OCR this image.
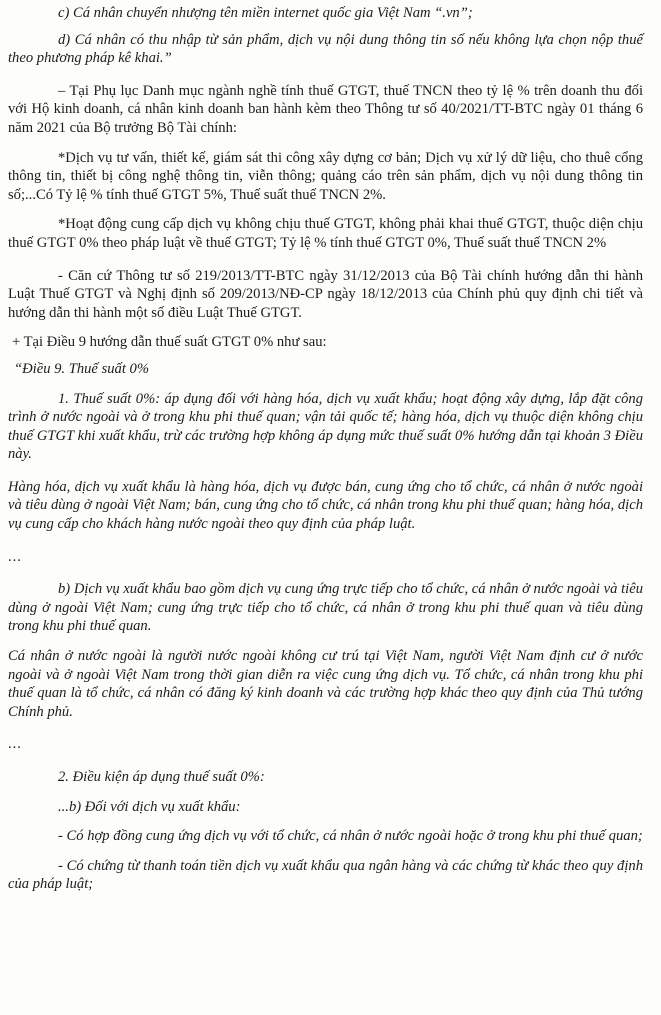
c) Cá nhân chuyển nhượng tên miền internet quốc gia Việt Nam “.vn”;

d) Cá nhân có thu nhập từ sản phẩm, dịch vụ nội dung thông tin số nếu không lựa chọn nộp thuế theo phương pháp kê khai.”

– Tại Phụ lục Danh mục ngành nghề tính thuế GTGT, thuế TNCN theo tỷ lệ % trên doanh thu đối với Hộ kinh doanh, cá nhân kinh doanh ban hành kèm theo Thông tư số 40/2021/TT-BTC ngày 01 tháng 6 năm 2021 của Bộ trưởng Bộ Tài chính:

*Dịch vụ tư vấn, thiết kế, giám sát thi công xây dựng cơ bản; Dịch vụ xử lý dữ liệu, cho thuê cổng thông tin, thiết bị công nghệ thông tin, viễn thông; quảng cáo trên sản phẩm, dịch vụ nội dung thông tin số;...Có Tỷ lệ % tính thuế GTGT 5%, Thuế suất thuế TNCN 2%.

*Hoạt động cung cấp dịch vụ không chịu thuế GTGT, không phải khai thuế GTGT, thuộc diện chịu thuế GTGT 0% theo pháp luật về thuế GTGT; Tỷ lệ % tính thuế GTGT 0%, Thuế suất thuế TNCN 2%

- Căn cứ Thông tư số 219/2013/TT-BTC ngày 31/12/2013 của Bộ Tài chính hướng dẫn thi hành Luật Thuế GTGT và Nghị định số 209/2013/NĐ-CP ngày 18/12/2013 của Chính phủ quy định chi tiết và hướng dẫn thi hành một số điều Luật Thuế GTGT.

+ Tại Điều 9 hướng dẫn thuế suất GTGT 0% như sau:

“Điều 9. Thuế suất 0%

1. Thuế suất 0%: áp dụng đối với hàng hóa, dịch vụ xuất khẩu; hoạt động xây dựng, lắp đặt công trình ở nước ngoài và ở trong khu phi thuế quan; vận tải quốc tế; hàng hóa, dịch vụ thuộc diện không chịu thuế GTGT khi xuất khẩu, trừ các trường hợp không áp dụng mức thuế suất 0% hướng dẫn tại khoản 3 Điều này.

Hàng hóa, dịch vụ xuất khẩu là hàng hóa, dịch vụ được bán, cung ứng cho tổ chức, cá nhân ở nước ngoài và tiêu dùng ở ngoài Việt Nam; bán, cung ứng cho tổ chức, cá nhân trong khu phi thuế quan; hàng hóa, dịch vụ cung cấp cho khách hàng nước ngoài theo quy định của pháp luật.

...

b) Dịch vụ xuất khẩu bao gồm dịch vụ cung ứng trực tiếp cho tổ chức, cá nhân ở nước ngoài và tiêu dùng ở ngoài Việt Nam; cung ứng trực tiếp cho tổ chức, cá nhân ở trong khu phi thuế quan và tiêu dùng trong khu phi thuế quan.

Cá nhân ở nước ngoài là người nước ngoài không cư trú tại Việt Nam, người Việt Nam định cư ở nước ngoài và ở ngoài Việt Nam trong thời gian diễn ra việc cung ứng dịch vụ. Tổ chức, cá nhân trong khu phi thuế quan là tổ chức, cá nhân có đăng ký kinh doanh và các trường hợp khác theo quy định của Thủ tướng Chính phủ.

...

2. Điều kiện áp dụng thuế suất 0%:

...b) Đối với dịch vụ xuất khẩu:

- Có hợp đồng cung ứng dịch vụ với tổ chức, cá nhân ở nước ngoài hoặc ở trong khu phi thuế quan;

- Có chứng từ thanh toán tiền dịch vụ xuất khẩu qua ngân hàng và các chứng từ khác theo quy định của pháp luật;
